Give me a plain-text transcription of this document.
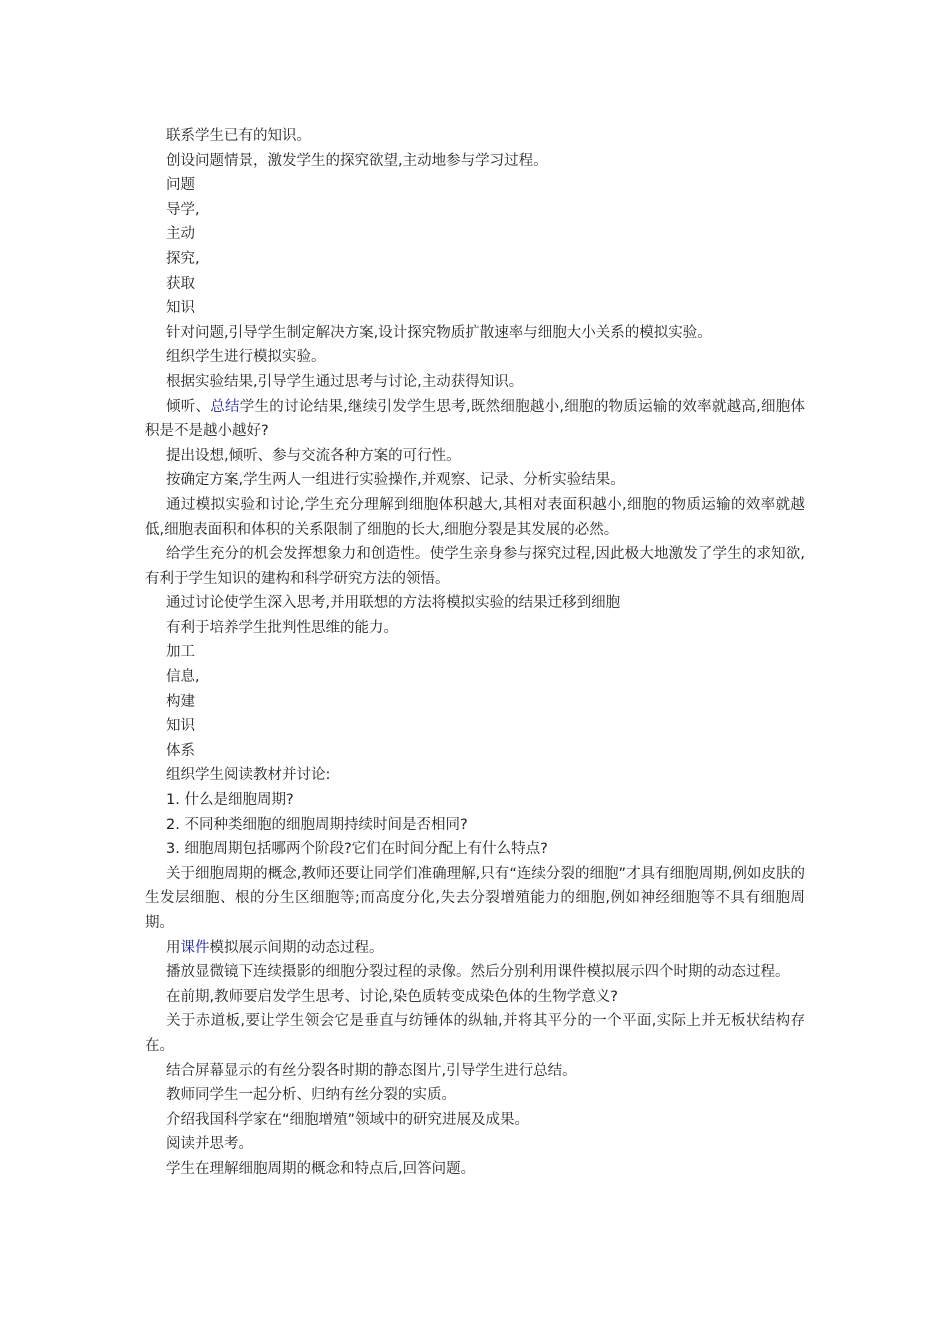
联系学生已有的知识。

创设问题情景，激发学生的探究欲望,主动地参与学习过程。

问题

导学,

主动

探究,

获取

知识

针对问题,引导学生制定解决方案,设计探究物质扩散速率与细胞大小关系的模拟实验。

组织学生进行模拟实验。

根据实验结果,引导学生通过思考与讨论,主动获得知识。

倾听、总结学生的讨论结果,继续引发学生思考,既然细胞越小,细胞的物质运输的效率就越高,细胞体积是不是越小越好?

提出设想,倾听、参与交流各种方案的可行性。

按确定方案,学生两人一组进行实验操作,并观察、记录、分析实验结果。

通过模拟实验和讨论,学生充分理解到细胞体积越大,其相对表面积越小,细胞的物质运输的效率就越低,细胞表面积和体积的关系限制了细胞的长大,细胞分裂是其发展的必然。

给学生充分的机会发挥想象力和创造性。使学生亲身参与探究过程,因此极大地激发了学生的求知欲,有利于学生知识的建构和科学研究方法的领悟。

通过讨论使学生深入思考,并用联想的方法将模拟实验的结果迁移到细胞

有利于培养学生批判性思维的能力。

加工

信息,

构建

知识

体系

组织学生阅读教材并讨论:

1. 什么是细胞周期?

2. 不同种类细胞的细胞周期持续时间是否相同?

3. 细胞周期包括哪两个阶段?它们在时间分配上有什么特点?

关于细胞周期的概念,教师还要让同学们准确理解,只有“连续分裂的细胞”才具有细胞周期,例如皮肤的生发层细胞、根的分生区细胞等;而高度分化,失去分裂增殖能力的细胞,例如神经细胞等不具有细胞周期。

用课件模拟展示间期的动态过程。

播放显微镜下连续摄影的细胞分裂过程的录像。然后分别利用课件模拟展示四个时期的动态过程。

在前期,教师要启发学生思考、讨论,染色质转变成染色体的生物学意义?

关于赤道板,要让学生领会它是垂直与纺锤体的纵轴,并将其平分的一个平面,实际上并无板状结构存在。

结合屏幕显示的有丝分裂各时期的静态图片,引导学生进行总结。

教师同学生一起分析、归纳有丝分裂的实质。

介绍我国科学家在“细胞增殖”领域中的研究进展及成果。

阅读并思考。

学生在理解细胞周期的概念和特点后,回答问题。
